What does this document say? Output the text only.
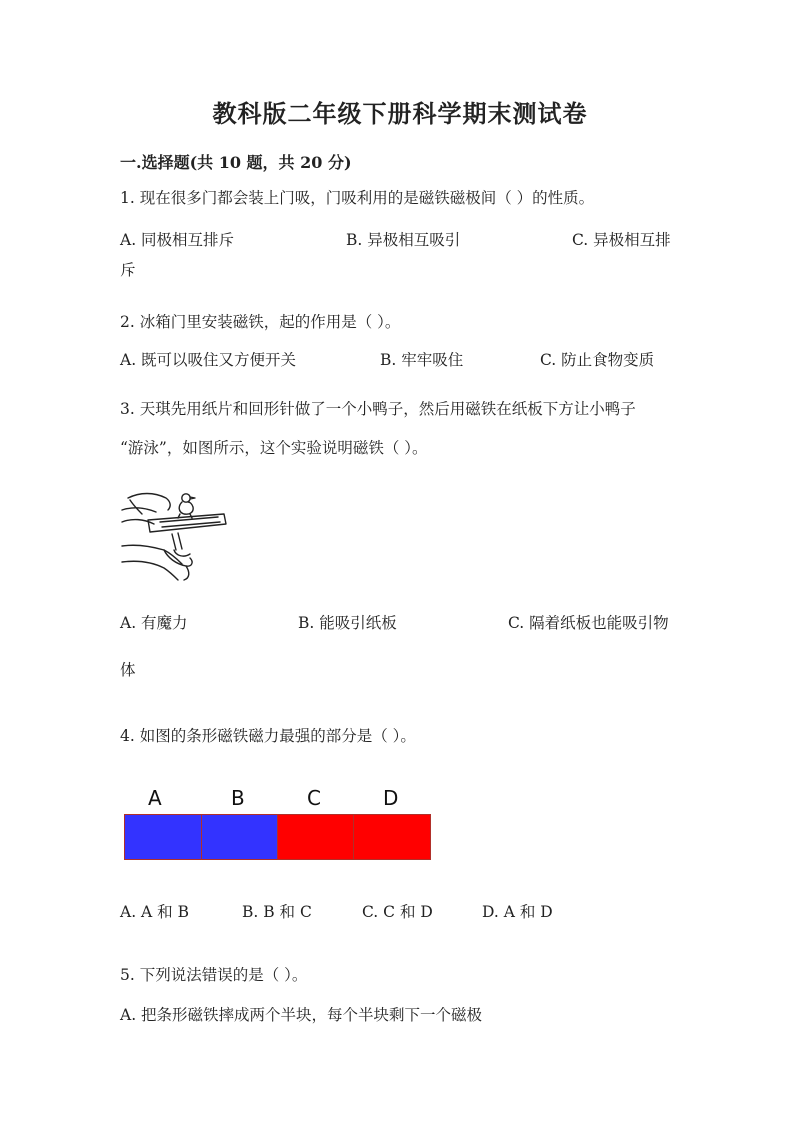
教科版二年级下册科学期末测试卷
一.选择题(共 10 题，共 20 分)
1. 现在很多门都会装上门吸，门吸利用的是磁铁磁极间（ ）的性质。
A. 同极相互排斥	B. 异极相互吸引	C. 异极相互排
斥
2. 冰箱门里安装磁铁，起的作用是（ ）。
A. 既可以吸住又方便开关	B. 牢牢吸住	C. 防止食物变质
3. 天琪先用纸片和回形针做了一个小鸭子，然后用磁铁在纸板下方让小鸭子
“游泳”，如图所示，这个实验说明磁铁（ ）。
A. 有魔力	B. 能吸引纸板	C. 隔着纸板也能吸引物
体
4. 如图的条形磁铁磁力最强的部分是（ ）。
A	B	C	D
A. A 和 B	B. B 和 C	C. C 和 D	D. A 和 D
5. 下列说法错误的是（ ）。
A. 把条形磁铁摔成两个半块，每个半块剩下一个磁极
